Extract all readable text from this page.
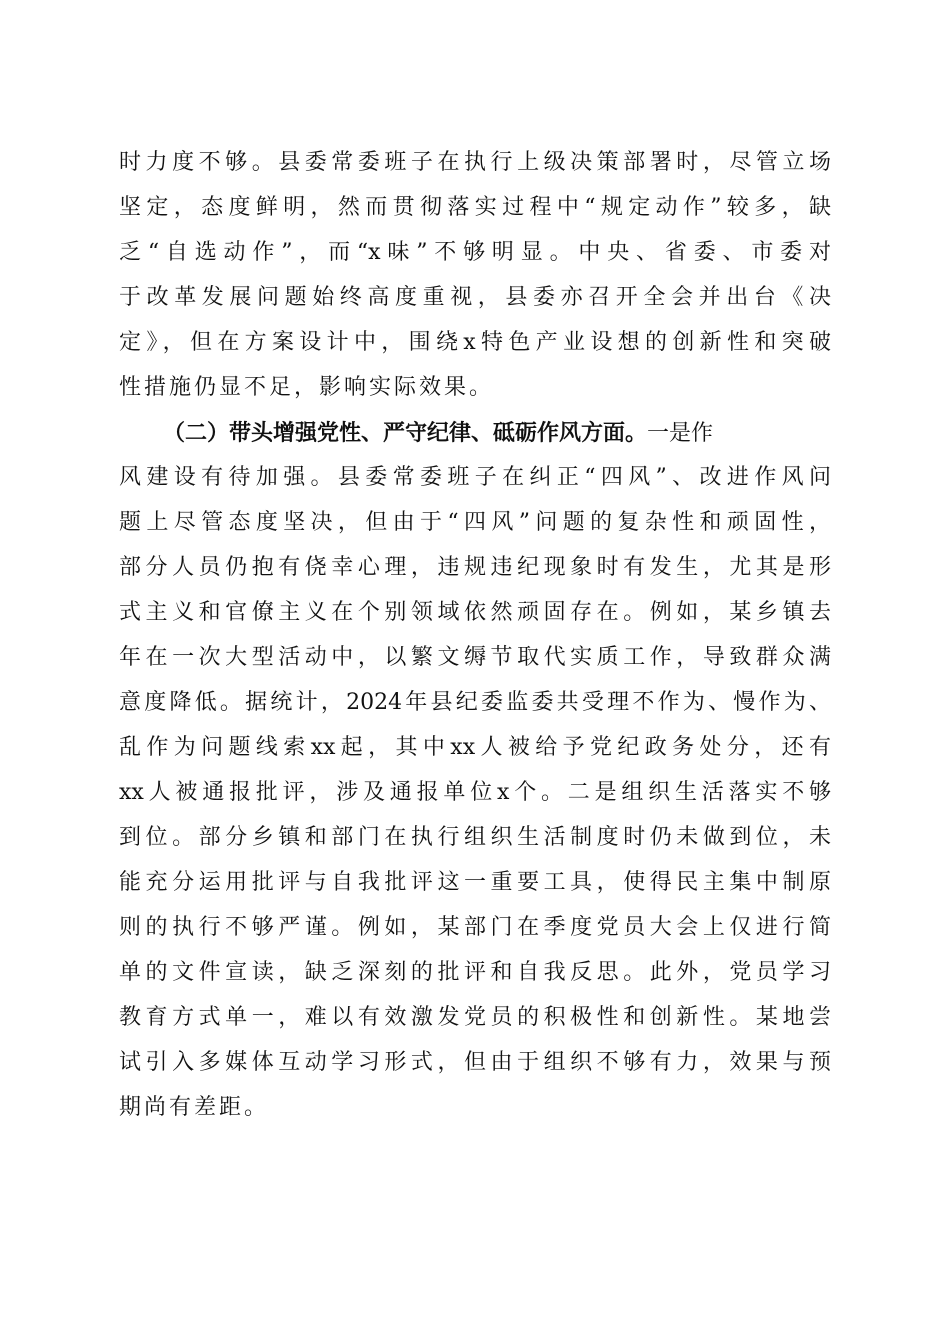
时力度不够。县委常委班子在执行上级决策部署时，尽管立场
坚定，态度鲜明，然而贯彻落实过程中“规定动作”较多，缺
乏“自选动作”，而“x味”不够明显。中央、省委、市委对
于改革发展问题始终高度重视，县委亦召开全会并出台《决
定》，但在方案设计中，围绕x特色产业设想的创新性和突破
性措施仍显不足，影响实际效果。
（二）带头增强党性、严守纪律、砥砺作风方面。一是作
风建设有待加强。县委常委班子在纠正“四风”、改进作风问
题上尽管态度坚决，但由于“四风”问题的复杂性和顽固性，
部分人员仍抱有侥幸心理，违规违纪现象时有发生，尤其是形
式主义和官僚主义在个别领域依然顽固存在。例如，某乡镇去
年在一次大型活动中，以繁文缛节取代实质工作，导致群众满
意度降低。据统计，2024年县纪委监委共受理不作为、慢作为、
乱作为问题线索xx起，其中xx人被给予党纪政务处分，还有
xx人被通报批评，涉及通报单位x个。二是组织生活落实不够
到位。部分乡镇和部门在执行组织生活制度时仍未做到位，未
能充分运用批评与自我批评这一重要工具，使得民主集中制原
则的执行不够严谨。例如，某部门在季度党员大会上仅进行简
单的文件宣读，缺乏深刻的批评和自我反思。此外，党员学习
教育方式单一，难以有效激发党员的积极性和创新性。某地尝
试引入多媒体互动学习形式，但由于组织不够有力，效果与预
期尚有差距。
